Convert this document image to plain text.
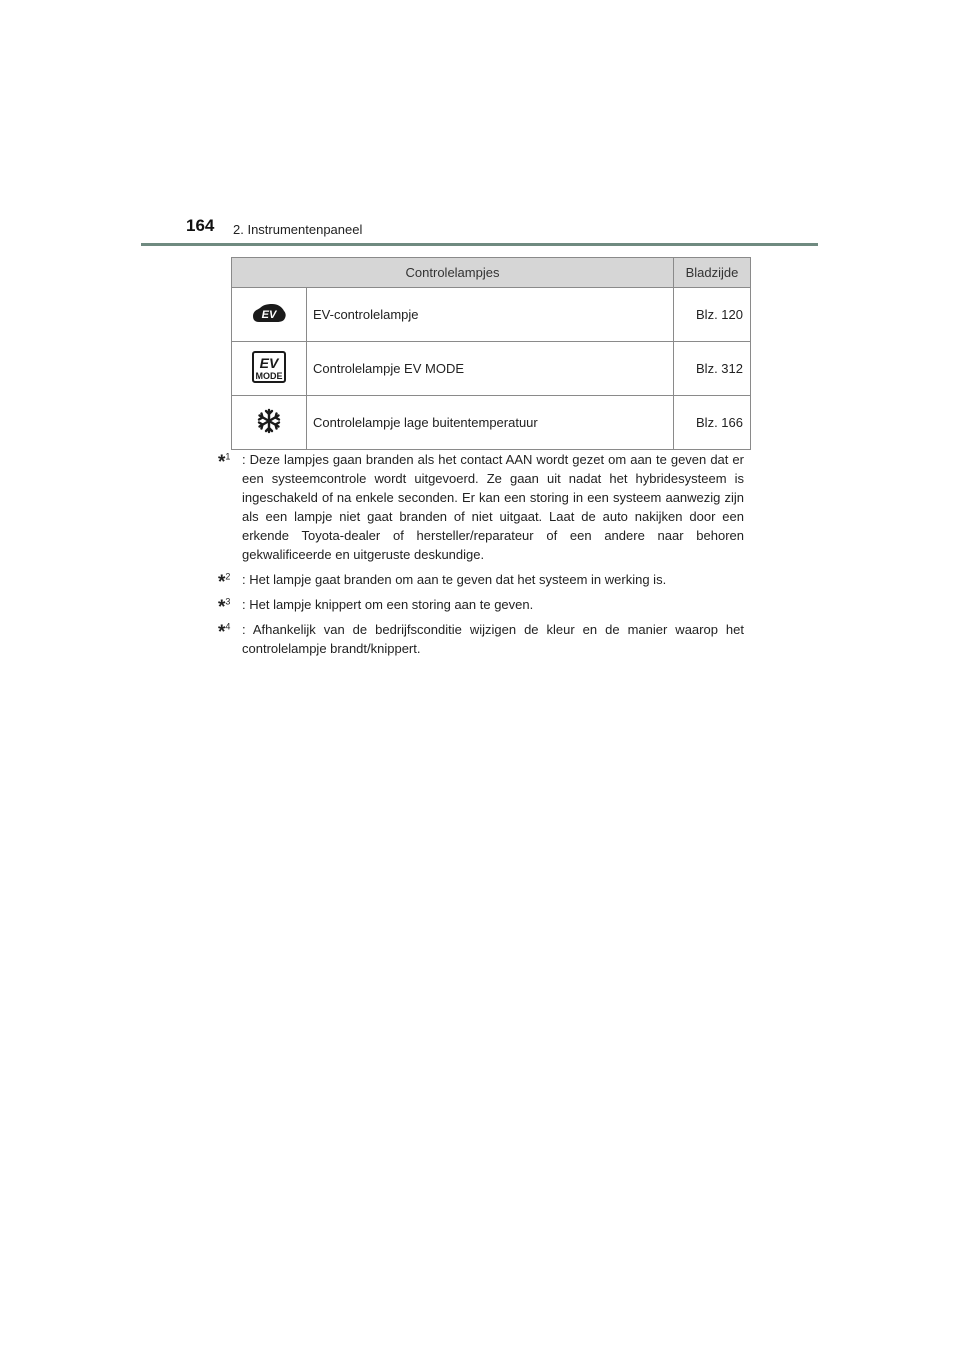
164 2. Instrumentenpaneel
Controlelampjes		Bladzijde

EV	EV-controlelampje	Blz. 120

EV
MODE	Controlelampje EV MODE	Blz. 312
	Controlelampje lage buitentemperatuur	Blz. 166
*$^1$ : Deze lampjes gaan branden als het contact AAN wordt gezet om aan te geven dat er een systeemcontrole wordt uitgevoerd. Ze gaan uit nadat het hybridesysteem is ingeschakeld of na enkele seconden. Er kan een storing in een systeem aanwezig zijn als een lampje niet gaat branden of niet uitgaat. Laat de auto nakijken door een erkende Toyota-dealer of hersteller/reparateur of een andere naar behoren gekwalificeerde en uitgeruste deskundige.
*$^2$ : Het lampje gaat branden om aan te geven dat het systeem in werking is.
*$^3$ : Het lampje knippert om een storing aan te geven.
*$^4$ : Afhankelijk van de bedrijfsconditie wijzigen de kleur en de manier waarop het controlelampje brandt/knippert.
